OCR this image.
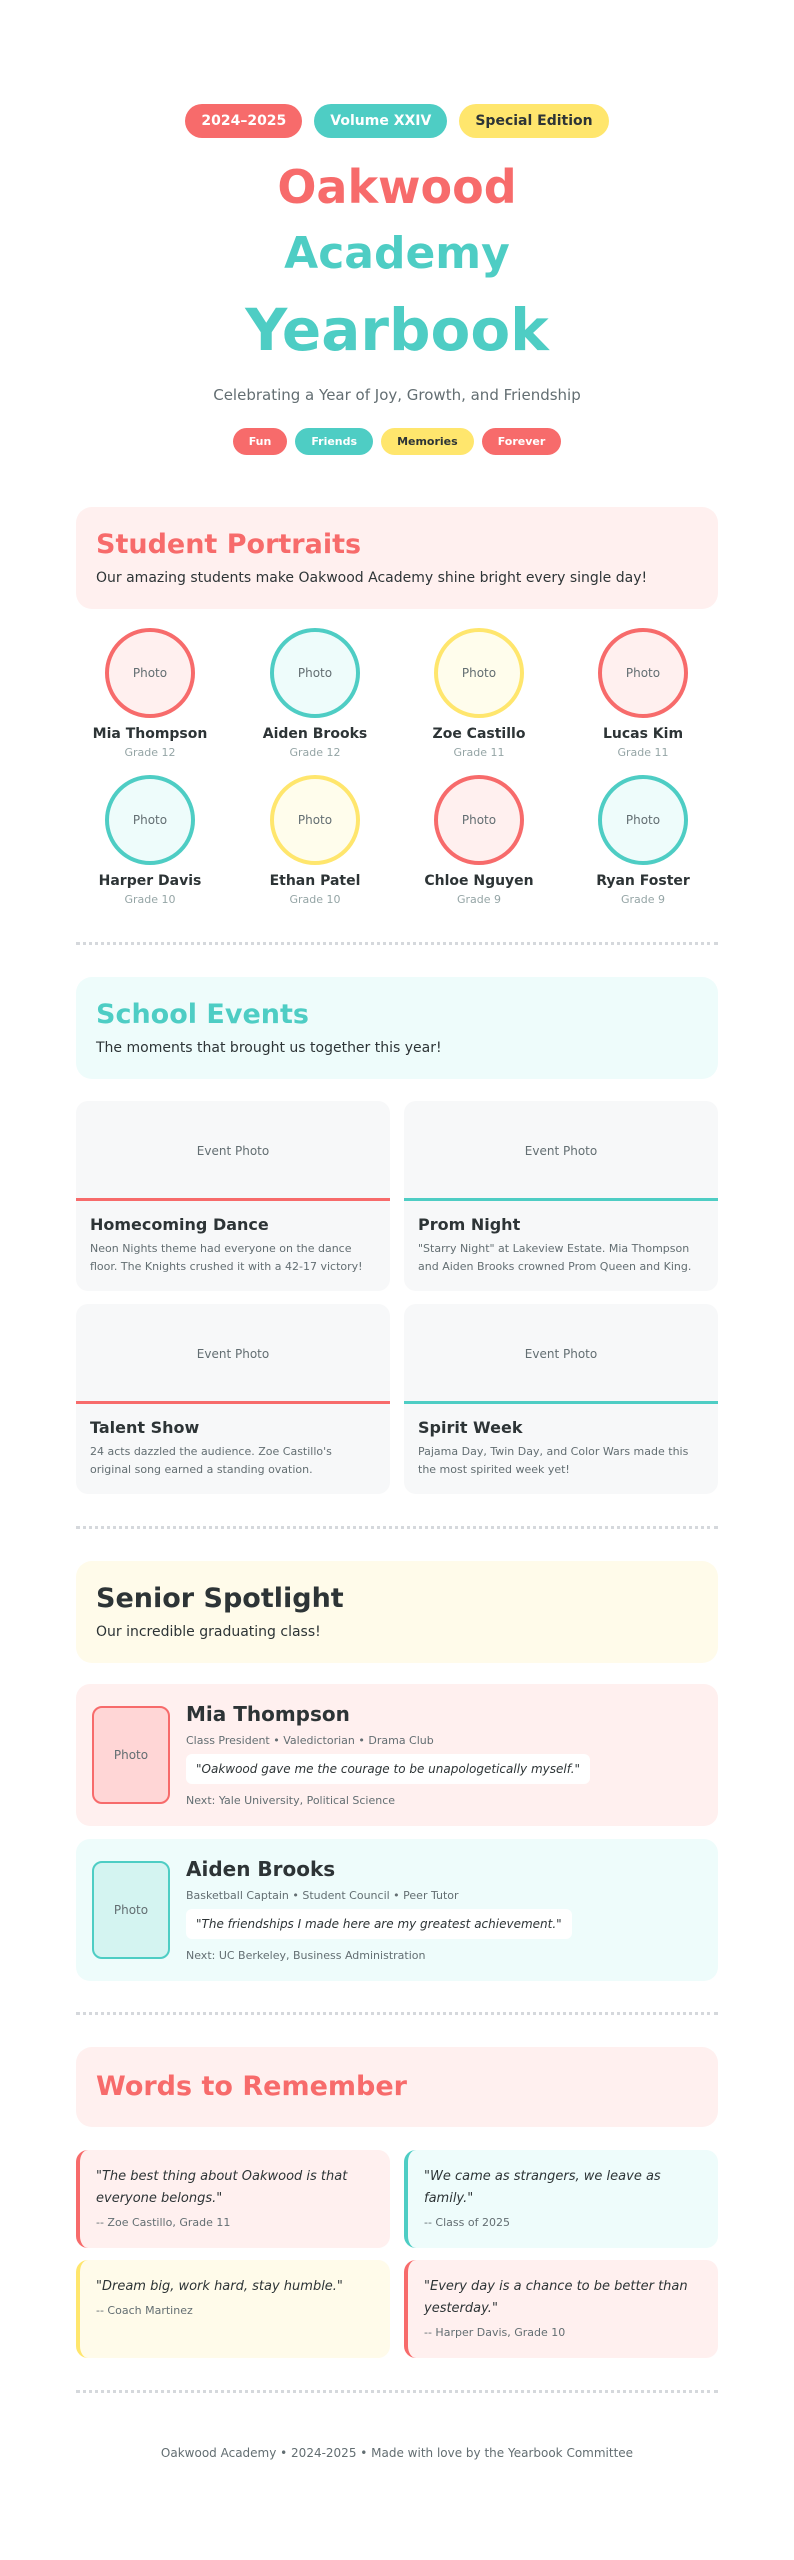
2024–2025	Volume XXIV	Special Edition
Oakwood
Academy
Yearbook
Celebrating a Year of Joy, Growth, and Friendship
Fun	Friends	Memories	Forever
Student Portraits
Our amazing students make Oakwood Academy shine bright every single day!
Photo
Mia Thompson
Grade 12
Photo
Aiden Brooks
Grade 12
Photo
Zoe Castillo
Grade 11
Photo
Lucas Kim
Grade 11
Photo
Harper Davis
Grade 10
Photo
Ethan Patel
Grade 10
Photo
Chloe Nguyen
Grade 9
Photo
Ryan Foster
Grade 9
School Events
The moments that brought us together this year!
Event Photo
Homecoming Dance
Neon Nights theme had everyone on the dance floor. The Knights crushed it with a 42-17 victory!
Event Photo
Prom Night
"Starry Night" at Lakeview Estate. Mia Thompson and Aiden Brooks crowned Prom Queen and King.
Event Photo
Talent Show
24 acts dazzled the audience. Zoe Castillo's original song earned a standing ovation.
Event Photo
Spirit Week
Pajama Day, Twin Day, and Color Wars made this the most spirited week yet!
Senior Spotlight
Our incredible graduating class!
Photo
Mia Thompson
Class President • Valedictorian • Drama Club
"Oakwood gave me the courage to be unapologetically myself."
Next: Yale University, Political Science
Photo
Aiden Brooks
Basketball Captain • Student Council • Peer Tutor
"The friendships I made here are my greatest achievement."
Next: UC Berkeley, Business Administration
Words to Remember
"The best thing about Oakwood is that everyone belongs."
-- Zoe Castillo, Grade 11
"We came as strangers, we leave as family."
-- Class of 2025
"Dream big, work hard, stay humble."
-- Coach Martinez
"Every day is a chance to be better than yesterday."
-- Harper Davis, Grade 10
Oakwood Academy • 2024-2025 • Made with love by the Yearbook Committee
